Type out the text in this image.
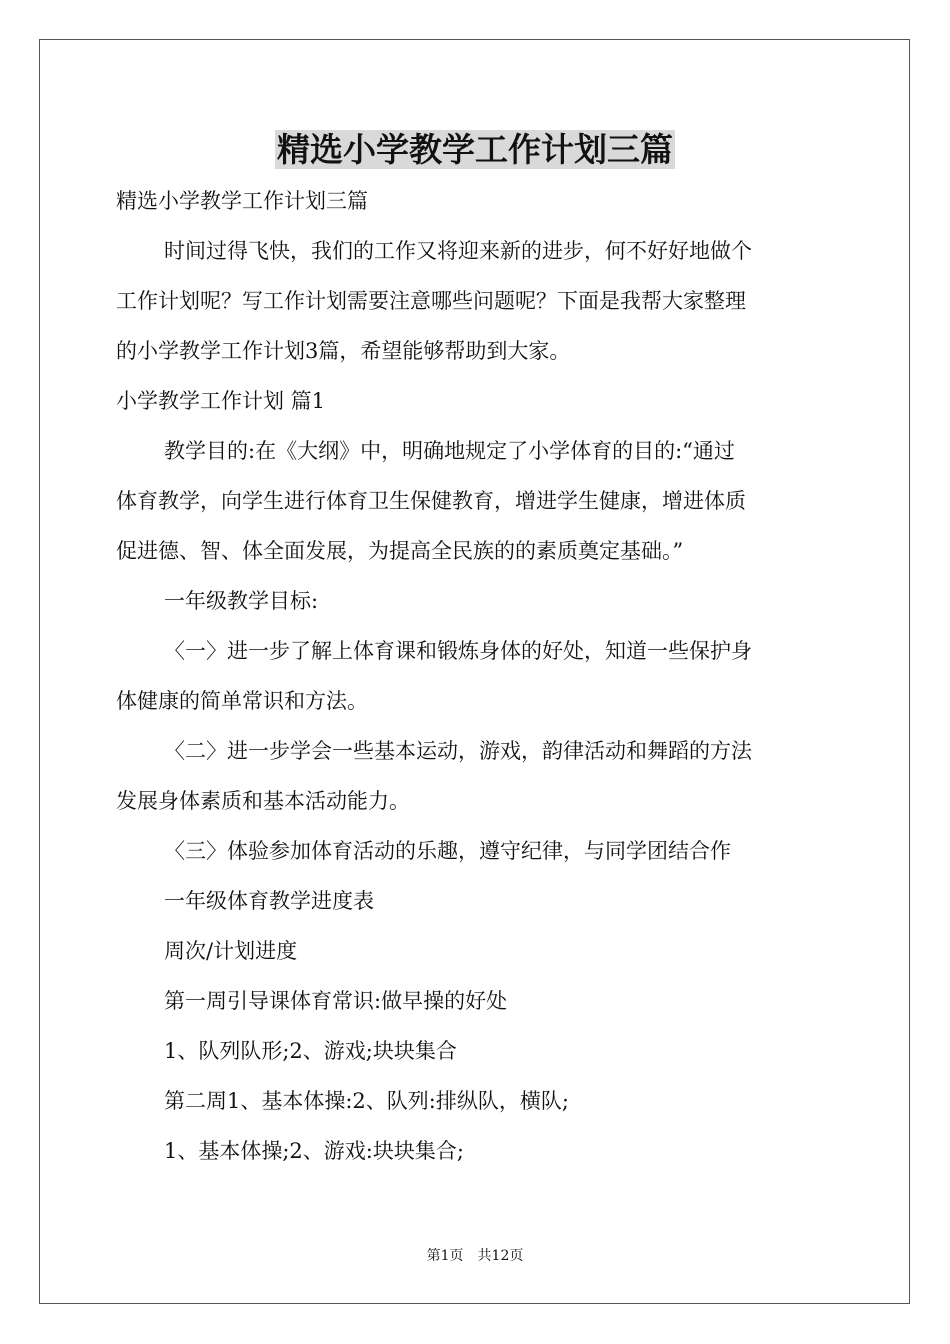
精选小学教学工作计划三篇
精选小学教学工作计划三篇
时间过得飞快，我们的工作又将迎来新的进步，何不好好地做个
工作计划呢？写工作计划需要注意哪些问题呢？下面是我帮大家整理
的小学教学工作计划3篇，希望能够帮助到大家。
小学教学工作计划 篇1
教学目的:在《大纲》中，明确地规定了小学体育的目的:“通过
体育教学，向学生进行体育卫生保健教育，增进学生健康，增进体质
促进德、智、体全面发展，为提高全民族的的素质奠定基础。”
一年级教学目标:
〈一〉进一步了解上体育课和锻炼身体的好处，知道一些保护身
体健康的简单常识和方法。
〈二〉进一步学会一些基本运动，游戏，韵律活动和舞蹈的方法
发展身体素质和基本活动能力。
〈三〉体验参加体育活动的乐趣，遵守纪律，与同学团结合作
一年级体育教学进度表
周次/计划进度
第一周引导课体育常识:做早操的好处
1、队列队形;2、游戏;块块集合
第二周1、基本体操:2、队列:排纵队，横队;
1、基本体操;2、游戏:块块集合;
第1页　共12页
